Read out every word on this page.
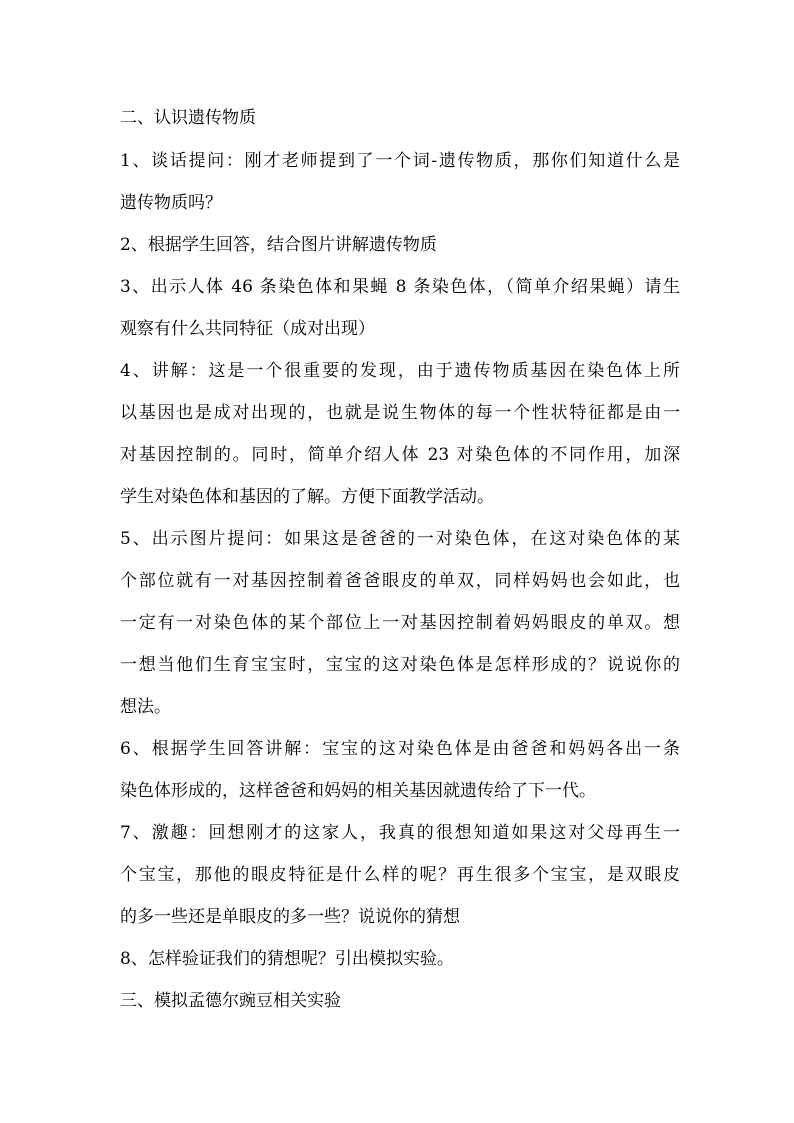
二、认识遗传物质
1、谈话提问：刚才老师提到了一个词-遗传物质，那你们知道什么是
遗传物质吗？
2、根据学生回答，结合图片讲解遗传物质
3、出示人体 46 条染色体和果蝇 8 条染色体，（简单介绍果蝇）请生
观察有什么共同特征（成对出现）
4、讲解：这是一个很重要的发现，由于遗传物质基因在染色体上所
以基因也是成对出现的，也就是说生物体的每一个性状特征都是由一
对基因控制的。同时，简单介绍人体 23 对染色体的不同作用，加深
学生对染色体和基因的了解。方便下面教学活动。
5、出示图片提问：如果这是爸爸的一对染色体，在这对染色体的某
个部位就有一对基因控制着爸爸眼皮的单双，同样妈妈也会如此，也
一定有一对染色体的某个部位上一对基因控制着妈妈眼皮的单双。想
一想当他们生育宝宝时，宝宝的这对染色体是怎样形成的？说说你的
想法。
6、根据学生回答讲解：宝宝的这对染色体是由爸爸和妈妈各出一条
染色体形成的，这样爸爸和妈妈的相关基因就遗传给了下一代。
7、激趣：回想刚才的这家人，我真的很想知道如果这对父母再生一
个宝宝，那他的眼皮特征是什么样的呢？再生很多个宝宝，是双眼皮
的多一些还是单眼皮的多一些？说说你的猜想
8、怎样验证我们的猜想呢？引出模拟实验。
三、模拟孟德尔豌豆相关实验
